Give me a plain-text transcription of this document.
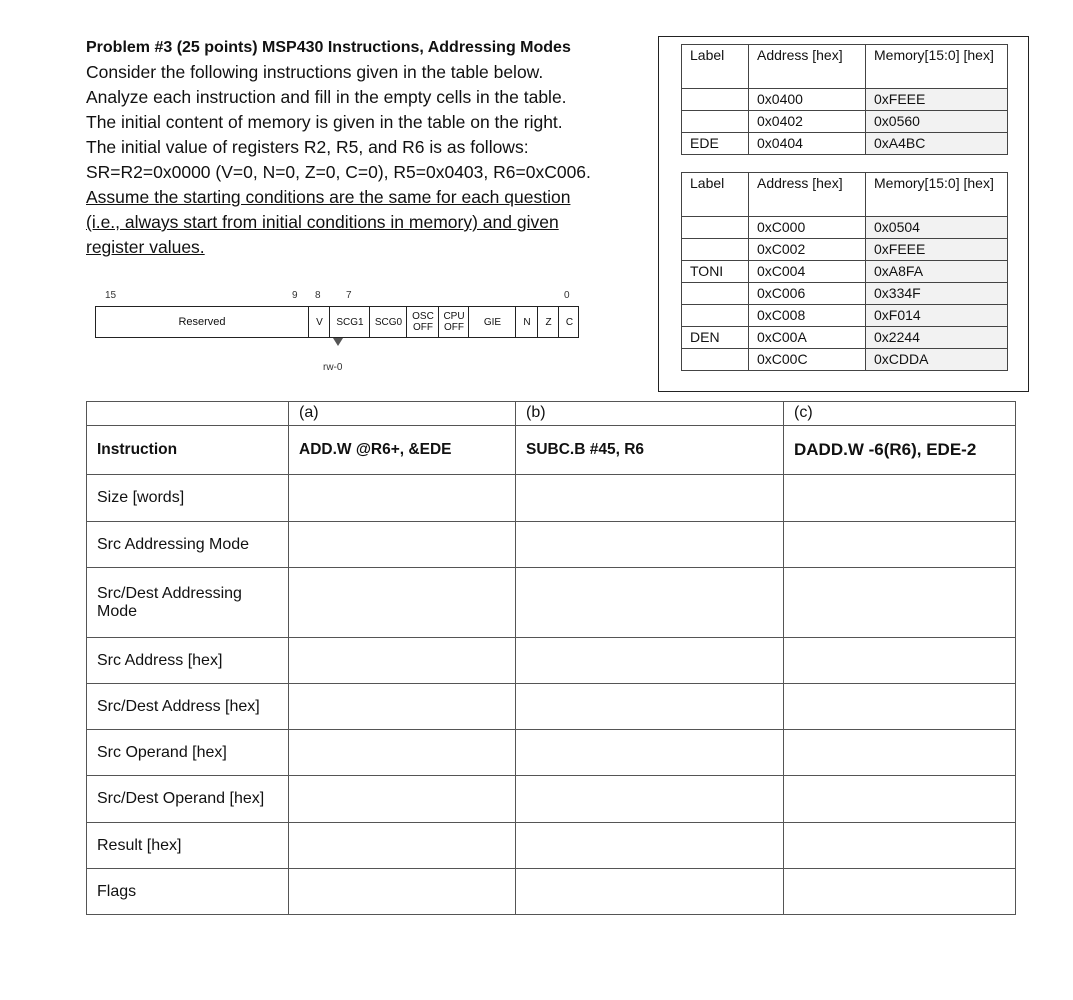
Problem #3 (25 points) MSP430 Instructions, Addressing Modes
Consider the following instructions given in the table below.
Analyze each instruction and fill in the empty cells in the table.
The initial content of memory is given in the table on the right.
The initial value of registers R2, R5, and R6 is as follows:
SR=R2=0x0000 (V=0, N=0, Z=0, C=0), R5=0x0403, R6=0xC006.
Assume the starting conditions are the same for each question
(i.e., always start from initial conditions in memory) and given
register values.
Label	Address [hex]	Memory[15:0] [hex]
	0x0400	0xFEEE
	0x0402	0x0560
EDE	0x0404	0xA4BC
Label	Address [hex]	Memory[15:0] [hex]
	0xC000	0x0504
	0xC002	0xFEEE
TONI	0xC004	0xA8FA
	0xC006	0x334F
	0xC008	0xF014
DEN	0xC00A	0x2244
	0xC00C	0xCDDA
15	9 8	7	0
Reserved	V	SCG1	SCG0	OSC OFF
CPU OFF	GIE	N	Z	C
rw-0
	(a)	(b)	(c)
Instruction	ADD.W @R6+, &EDE	SUBC.B #45, R6	DADD.W -6(R6), EDE-2
Size [words]			
Src Addressing Mode			
Src/Dest Addressing Mode			
Src Address [hex]			
Src/Dest Address [hex]			
Src Operand [hex]			
Src/Dest Operand [hex]			
Result [hex]			
Flags			
